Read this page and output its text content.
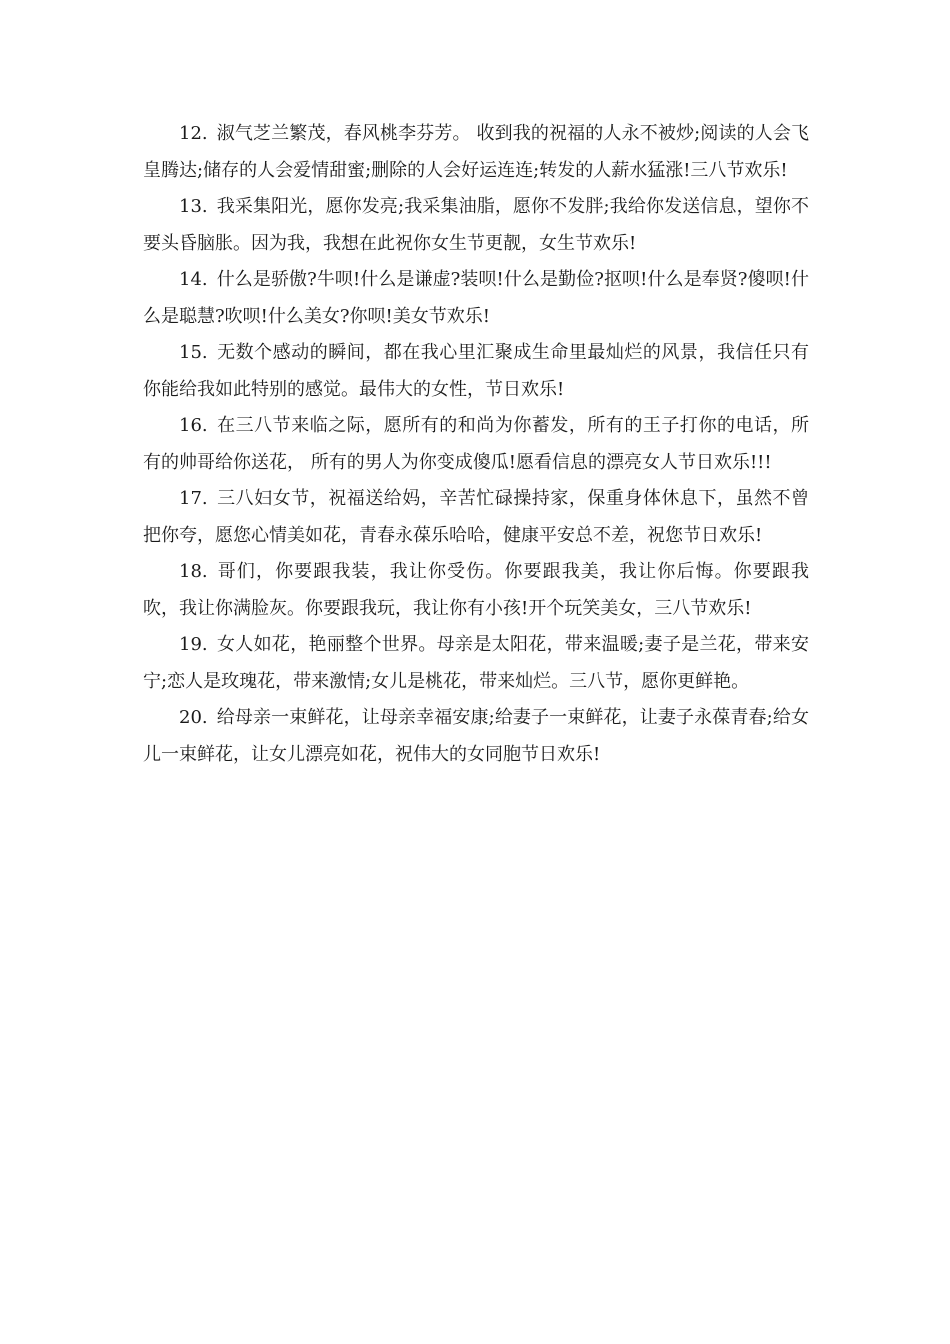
12. 淑气芝兰繁茂，春风桃李芬芳。 收到我的祝福的人永不被炒;阅读的人会飞皇腾达;储存的人会爱情甜蜜;删除的人会好运连连;转发的人薪水猛涨!三八节欢乐!

13. 我采集阳光，愿你发亮;我采集油脂，愿你不发胖;我给你发送信息，望你不要头昏脑胀。因为我，我想在此祝你女生节更靓，女生节欢乐!

14. 什么是骄傲?牛呗!什么是谦虚?装呗!什么是勤俭?抠呗!什么是奉贤?傻呗!什么是聪慧?吹呗!什么美女?你呗!美女节欢乐!

15. 无数个感动的瞬间，都在我心里汇聚成生命里最灿烂的风景，我信任只有你能给我如此特别的感觉。最伟大的女性，节日欢乐!

16. 在三八节来临之际，愿所有的和尚为你蓄发，所有的王子打你的电话，所有的帅哥给你送花， 所有的男人为你变成傻瓜!愿看信息的漂亮女人节日欢乐!!!

17. 三八妇女节，祝福送给妈，辛苦忙碌操持家，保重身体休息下，虽然不曾把你夸，愿您心情美如花，青春永葆乐哈哈，健康平安总不差，祝您节日欢乐!

18. 哥们，你要跟我装，我让你受伤。你要跟我美，我让你后悔。你要跟我吹，我让你满脸灰。你要跟我玩，我让你有小孩!开个玩笑美女，三八节欢乐!

19. 女人如花，艳丽整个世界。母亲是太阳花，带来温暖;妻子是兰花，带来安宁;恋人是玫瑰花，带来激情;女儿是桃花，带来灿烂。三八节，愿你更鲜艳。

20. 给母亲一束鲜花，让母亲幸福安康;给妻子一束鲜花，让妻子永葆青春;给女儿一束鲜花，让女儿漂亮如花，祝伟大的女同胞节日欢乐!
